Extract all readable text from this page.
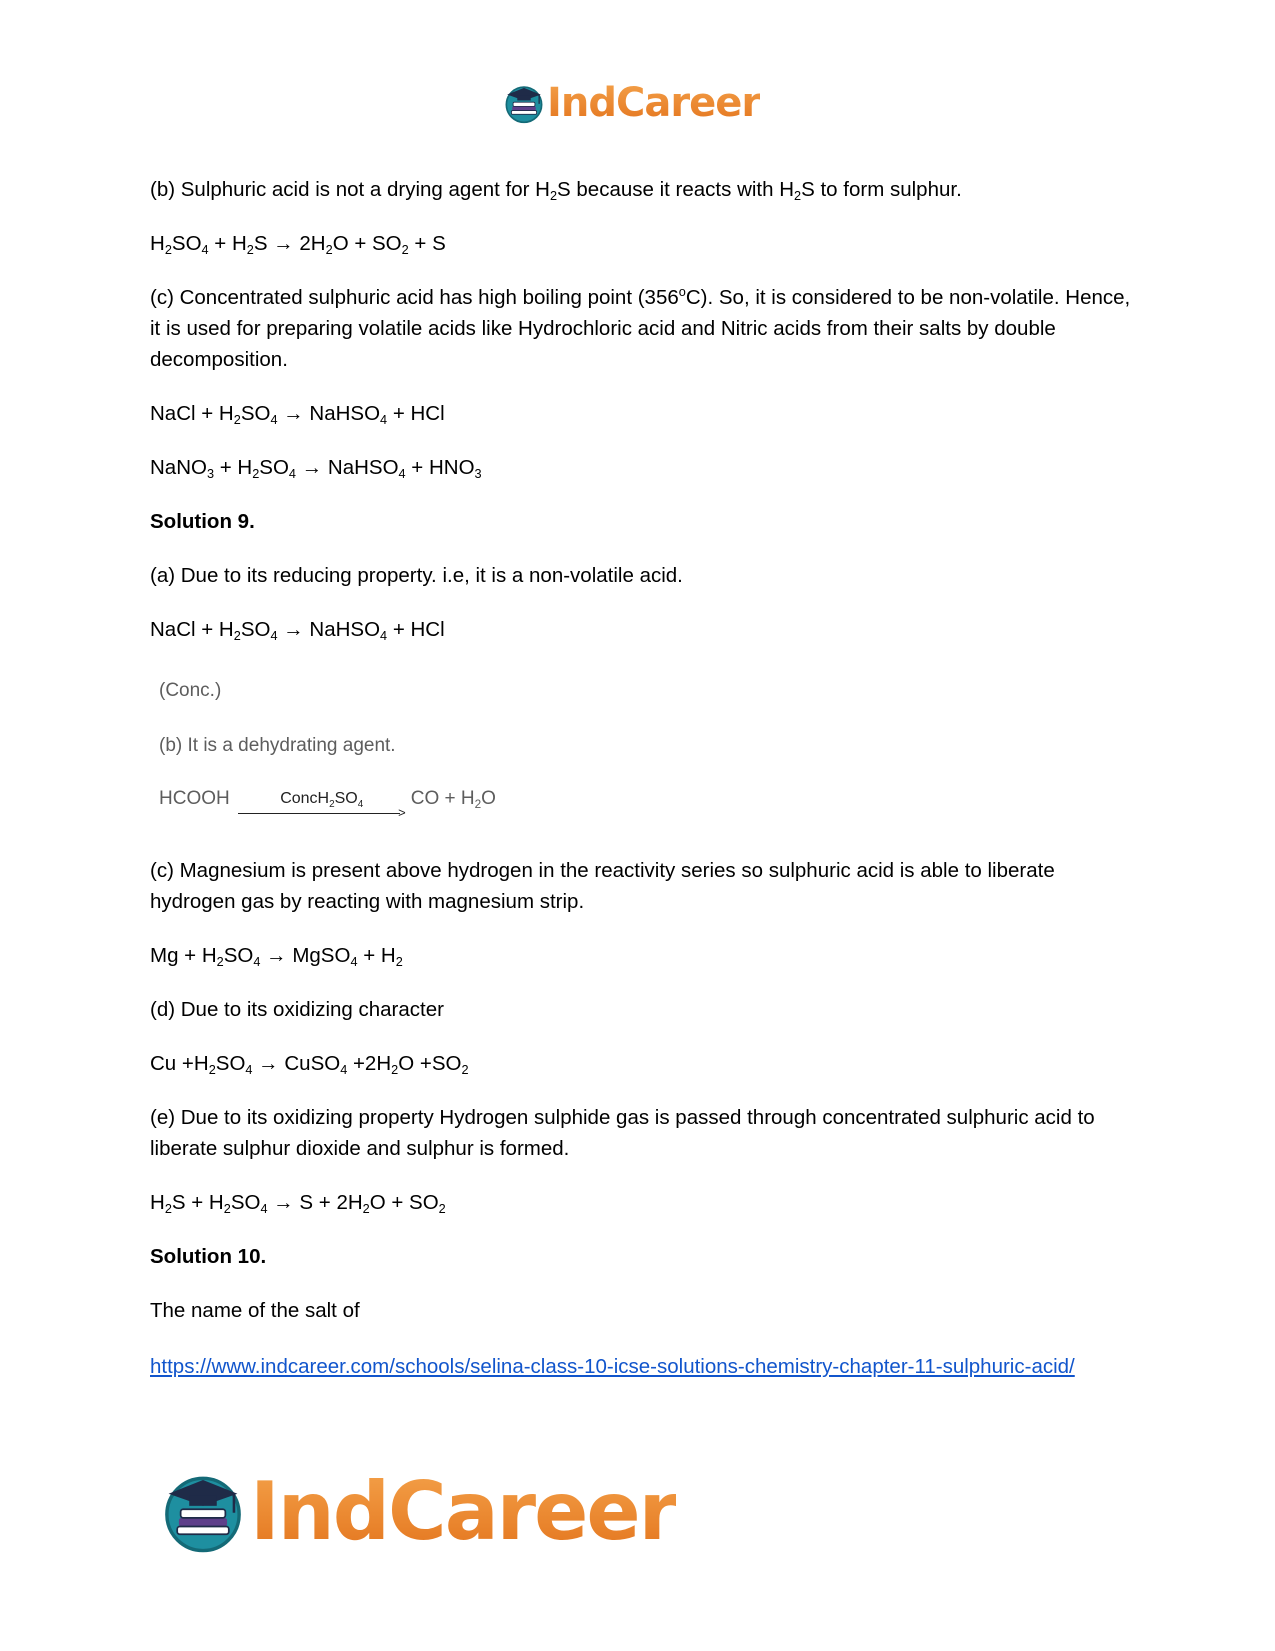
IndCareer

(b) Sulphuric acid is not a drying agent for $H_2S$ because it reacts with $H_2S$ to form sulphur.

$H_2SO_4 + H_2S \to 2H_2O + SO_2 + S$

(c) Concentrated sulphuric acid has high boiling point (356$^o$C). So, it is considered to be non-volatile. Hence, it is used for preparing volatile acids like Hydrochloric acid and Nitric acids from their salts by double decomposition.

NaCl + $H_2SO_4$ → NaHSO$_4$ + HCl

NaNO$_3$ + $H_2SO_4$ → NaHSO$_4$ + $HNO_3$

Solution 9.

(a) Due to its reducing property. i.e, it is a non-volatile acid.

NaCl + $H_2SO_4$ → NaHSO$_4$ + HCl

(Conc.)

(b) It is a dehydrating agent.

HCOOH	$ConcH_2SO_4$
>
CO + $H_2O$

(c) Magnesium is present above hydrogen in the reactivity series so sulphuric acid is able to liberate hydrogen gas by reacting with magnesium strip.

$Mg + H_2SO_4$ → MgSO$_4$ + $H_2$

(d) Due to its oxidizing character

$Cu +H_2SO_4$ → CuSO$_4$ $+2H_2O +SO_2$

(e) Due to its oxidizing property Hydrogen sulphide gas is passed through concentrated sulphuric acid to liberate sulphur dioxide and sulphur is formed.

$H_2S + H_2SO_4 \to S + 2H_2O + SO_2$

Solution 10.

The name of the salt of

https://www.indcareer.com/schools/selina-class-10-icse-solutions-chemistry-chapter-11-sulphuric-acid/
IndCareer
